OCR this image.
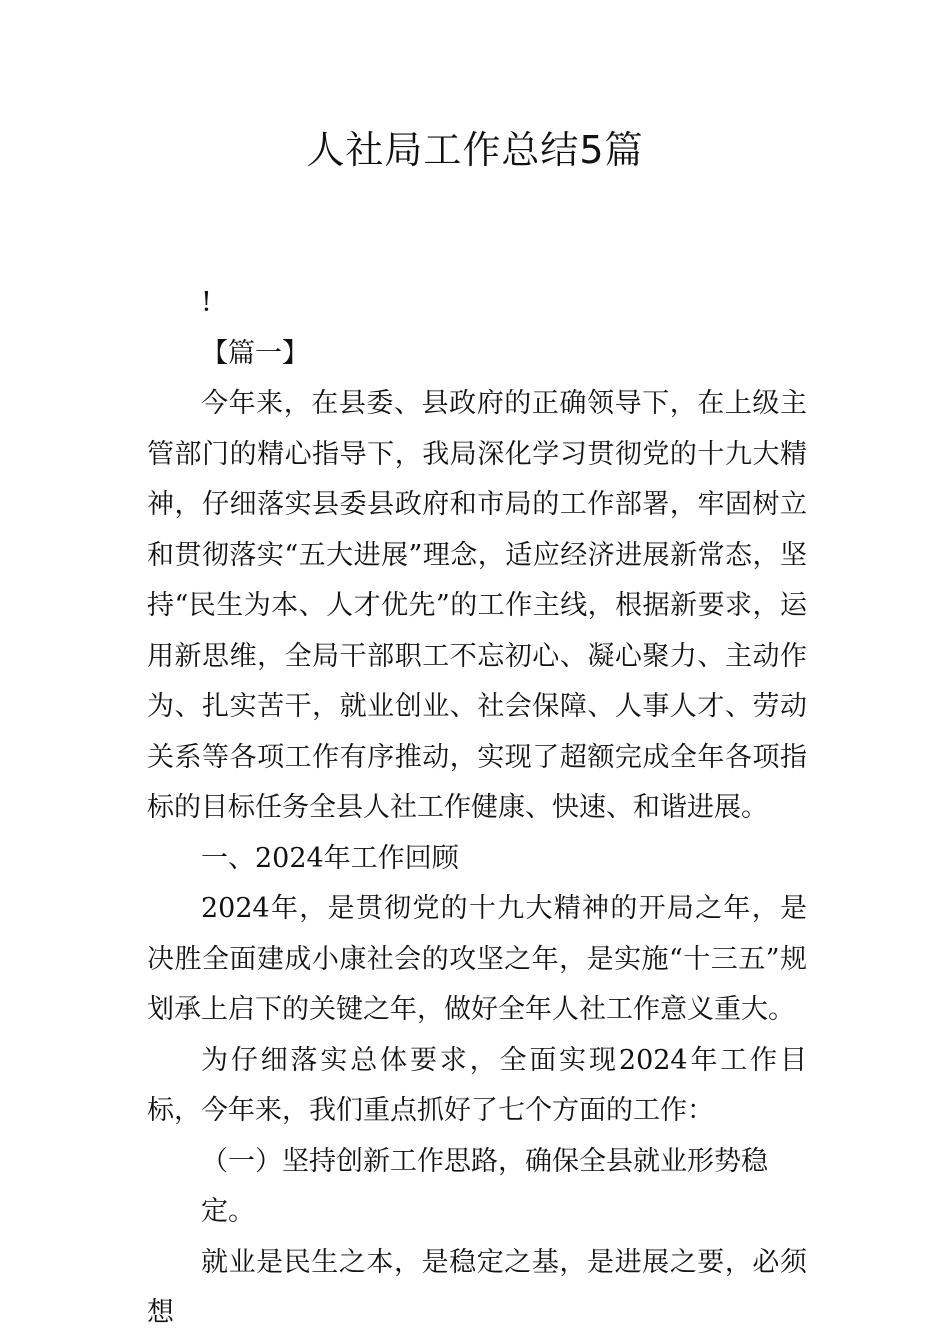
人社局工作总结5篇

!

【篇一】

今年来，在县委、县政府的正确领导下，在上级主管部门的精心指导下，我局深化学习贯彻党的十九大精神，仔细落实县委县政府和市局的工作部署，牢固树立和贯彻落实“五大进展”理念，适应经济进展新常态，坚持“民生为本、人才优先”的工作主线，根据新要求，运用新思维，全局干部职工不忘初心、凝心聚力、主动作为、扎实苦干，就业创业、社会保障、人事人才、劳动关系等各项工作有序推动，实现了超额完成全年各项指标的目标任务全县人社工作健康、快速、和谐进展。

一、2024年工作回顾

2024年，是贯彻党的十九大精神的开局之年，是决胜全面建成小康社会的攻坚之年，是实施“十三五”规划承上启下的关键之年，做好全年人社工作意义重大。

为仔细落实总体要求，全面实现2024年工作目标，今年来，我们重点抓好了七个方面的工作：

（一）坚持创新工作思路，确保全县就业形势稳定。

就业是民生之本，是稳定之基，是进展之要，必须想
